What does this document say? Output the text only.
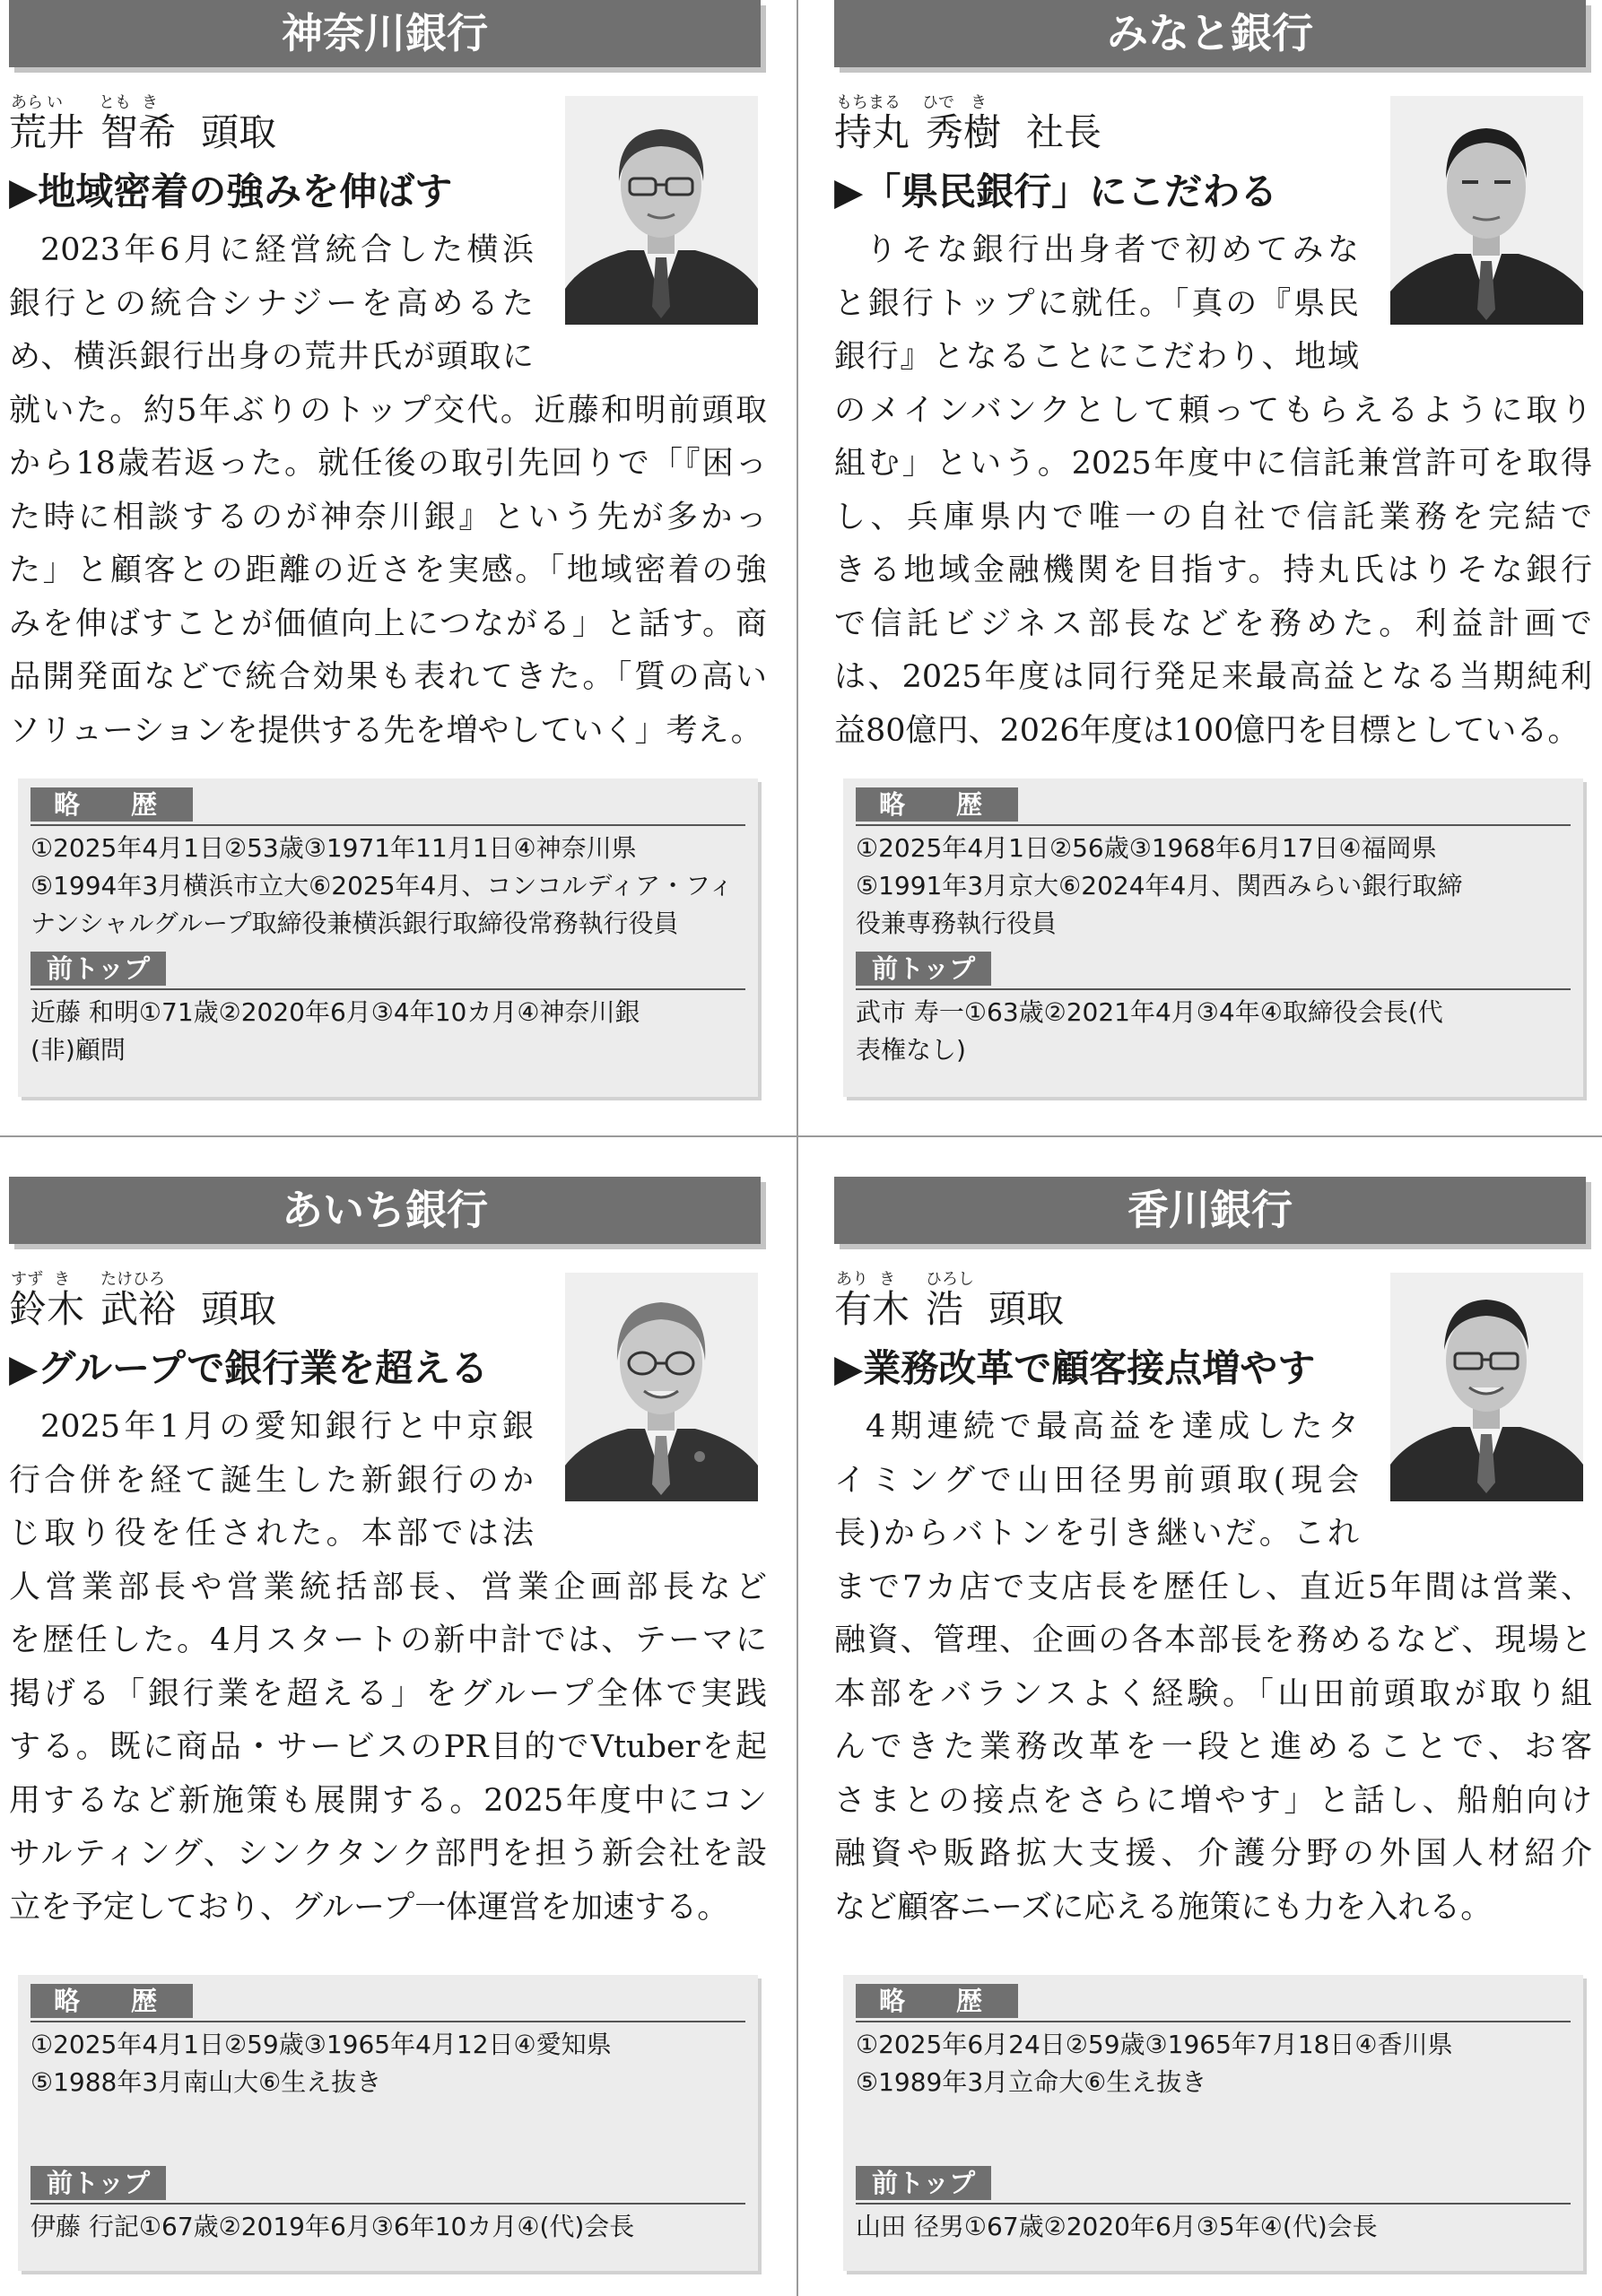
神奈川銀行
あら い とも き
荒井 智希 頭取
▶地域密着の強みを伸ばす
2023年6月に経営統合した横浜
銀行との統合シナジーを高めるた
め、横浜銀行出身の荒井氏が頭取に
就いた。約5年ぶりのトップ交代。近藤和明前頭取
から18歳若返った。就任後の取引先回りで「『困っ
た時に相談するのが神奈川銀』という先が多かっ
た」と顧客との距離の近さを実感。「地域密着の強
みを伸ばすことが価値向上につながる」と話す。商
品開発面などで統合効果も表れてきた。「質の高い
ソリューションを提供する先を増やしていく」考え。
略　歴
①2025年4月1日②53歳③1971年11月1日④神奈川県
⑤1994年3月横浜市立大⑥2025年4月、コンコルディア・フィ
ナンシャルグループ取締役兼横浜銀行取締役常務執行役員
前トップ
近藤 和明①71歳②2020年6月③4年10カ月④神奈川銀
(非)顧問
みなと銀行
もちまる ひで き
持丸 秀樹 社長
▶「県民銀行」にこだわる
りそな銀行出身者で初めてみな
と銀行トップに就任。「真の『県民
銀行』となることにこだわり、地域
のメインバンクとして頼ってもらえるように取り
組む」という。2025年度中に信託兼営許可を取得
し、兵庫県内で唯一の自社で信託業務を完結で
きる地域金融機関を目指す。持丸氏はりそな銀行
で信託ビジネス部長などを務めた。利益計画で
は、2025年度は同行発足来最高益となる当期純利
益80億円、2026年度は100億円を目標としている。
略　歴
①2025年4月1日②56歳③1968年6月17日④福岡県
⑤1991年3月京大⑥2024年4月、関西みらい銀行取締
役兼専務執行役員
前トップ
武市 寿一①63歳②2021年4月③4年④取締役会長(代
表権なし)
あいち銀行
すず き たけひろ
鈴木 武裕 頭取
▶グループで銀行業を超える
2025年1月の愛知銀行と中京銀
行合併を経て誕生した新銀行のか
じ取り役を任された。本部では法
人営業部長や営業統括部長、営業企画部長など
を歴任した。4月スタートの新中計では、テーマに
掲げる「銀行業を超える」をグループ全体で実践
する。既に商品・サービスのPR目的でVtuberを起
用するなど新施策も展開する。2025年度中にコン
サルティング、シンクタンク部門を担う新会社を設
立を予定しており、グループ一体運営を加速する。
略　歴
①2025年4月1日②59歳③1965年4月12日④愛知県
⑤1988年3月南山大⑥生え抜き
前トップ
伊藤 行記①67歳②2019年6月③6年10カ月④(代)会長
香川銀行
あり き ひろし
有木 浩 頭取
▶業務改革で顧客接点増やす
4期連続で最高益を達成したタ
イミングで山田径男前頭取(現会
長)からバトンを引き継いだ。これ
まで7カ店で支店長を歴任し、直近5年間は営業、
融資、管理、企画の各本部長を務めるなど、現場と
本部をバランスよく経験。「山田前頭取が取り組
んできた業務改革を一段と進めることで、お客
さまとの接点をさらに増やす」と話し、船舶向け
融資や販路拡大支援、介護分野の外国人材紹介
など顧客ニーズに応える施策にも力を入れる。
略　歴
①2025年6月24日②59歳③1965年7月18日④香川県
⑤1989年3月立命大⑥生え抜き
前トップ
山田 径男①67歳②2020年6月③5年④(代)会長
